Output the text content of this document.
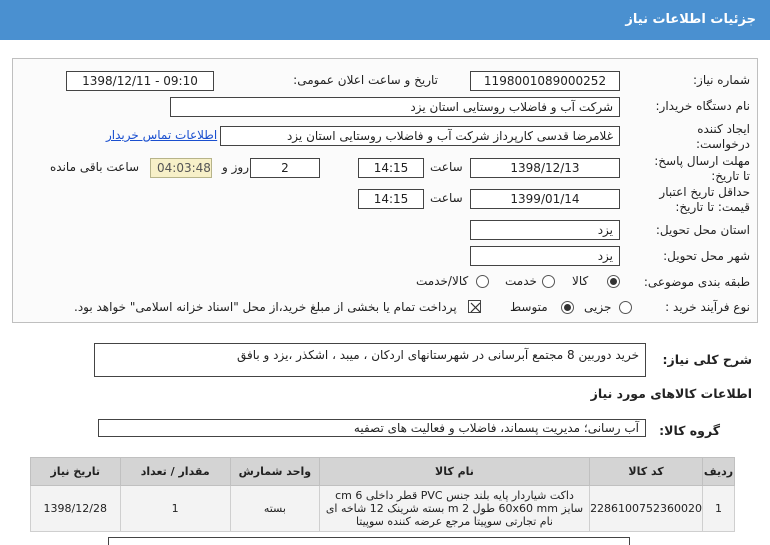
جزئیات اطلاعات نیاز
شماره نیاز:
1198001089000252
تاریخ و ساعت اعلان عمومی:
1398/12/11 - 09:10
نام دستگاه خریدار:
شرکت آب و فاضلاب روستایی استان یزد
ایجاد کننده
درخواست:
غلامرضا قدسی کارپرداز شرکت آب و فاضلاب روستایی استان یزد
اطلاعات تماس خریدار
مهلت ارسال پاسخ:
تا تاریخ:
1398/12/13
ساعت
14:15
2
روز و
04:03:48
ساعت باقی مانده
حداقل تاریخ اعتبار
قیمت: تا تاریخ:
1399/01/14
ساعت
14:15
استان محل تحویل:
یزد
شهر محل تحویل:
یزد
طبقه بندی موضوعی:
کالا
خدمت
کالا/خدمت
نوع فرآیند خرید :
جزیی
متوسط
پرداخت تمام یا بخشی از مبلغ خرید،از محل "اسناد خزانه اسلامی" خواهد بود.
شرح کلی نیاز:
خرید دوربین 8 مجتمع آبرسانی در شهرستانهای اردکان ، میبد ، اشکذر ،یزد و بافق
اطلاعات کالاهای مورد نیاز
گروه کالا:
آب رسانی؛ مدیریت پسماند، فاضلاب و فعالیت های تصفیه
ردیف	کد کالا	نام کالا	واحد شمارش	مقدار / تعداد	تاریخ نیاز
1	2286100752360020	داکت شیاردار پایه بلند جنس PVC قطر داخلی 6 cm سایز 60x60 mm طول 2 m بسته شرینک 12 شاخه ای نام تجارتی سوپیتا مرجع عرضه کننده سوپیتا	بسته	1	1398/12/28
